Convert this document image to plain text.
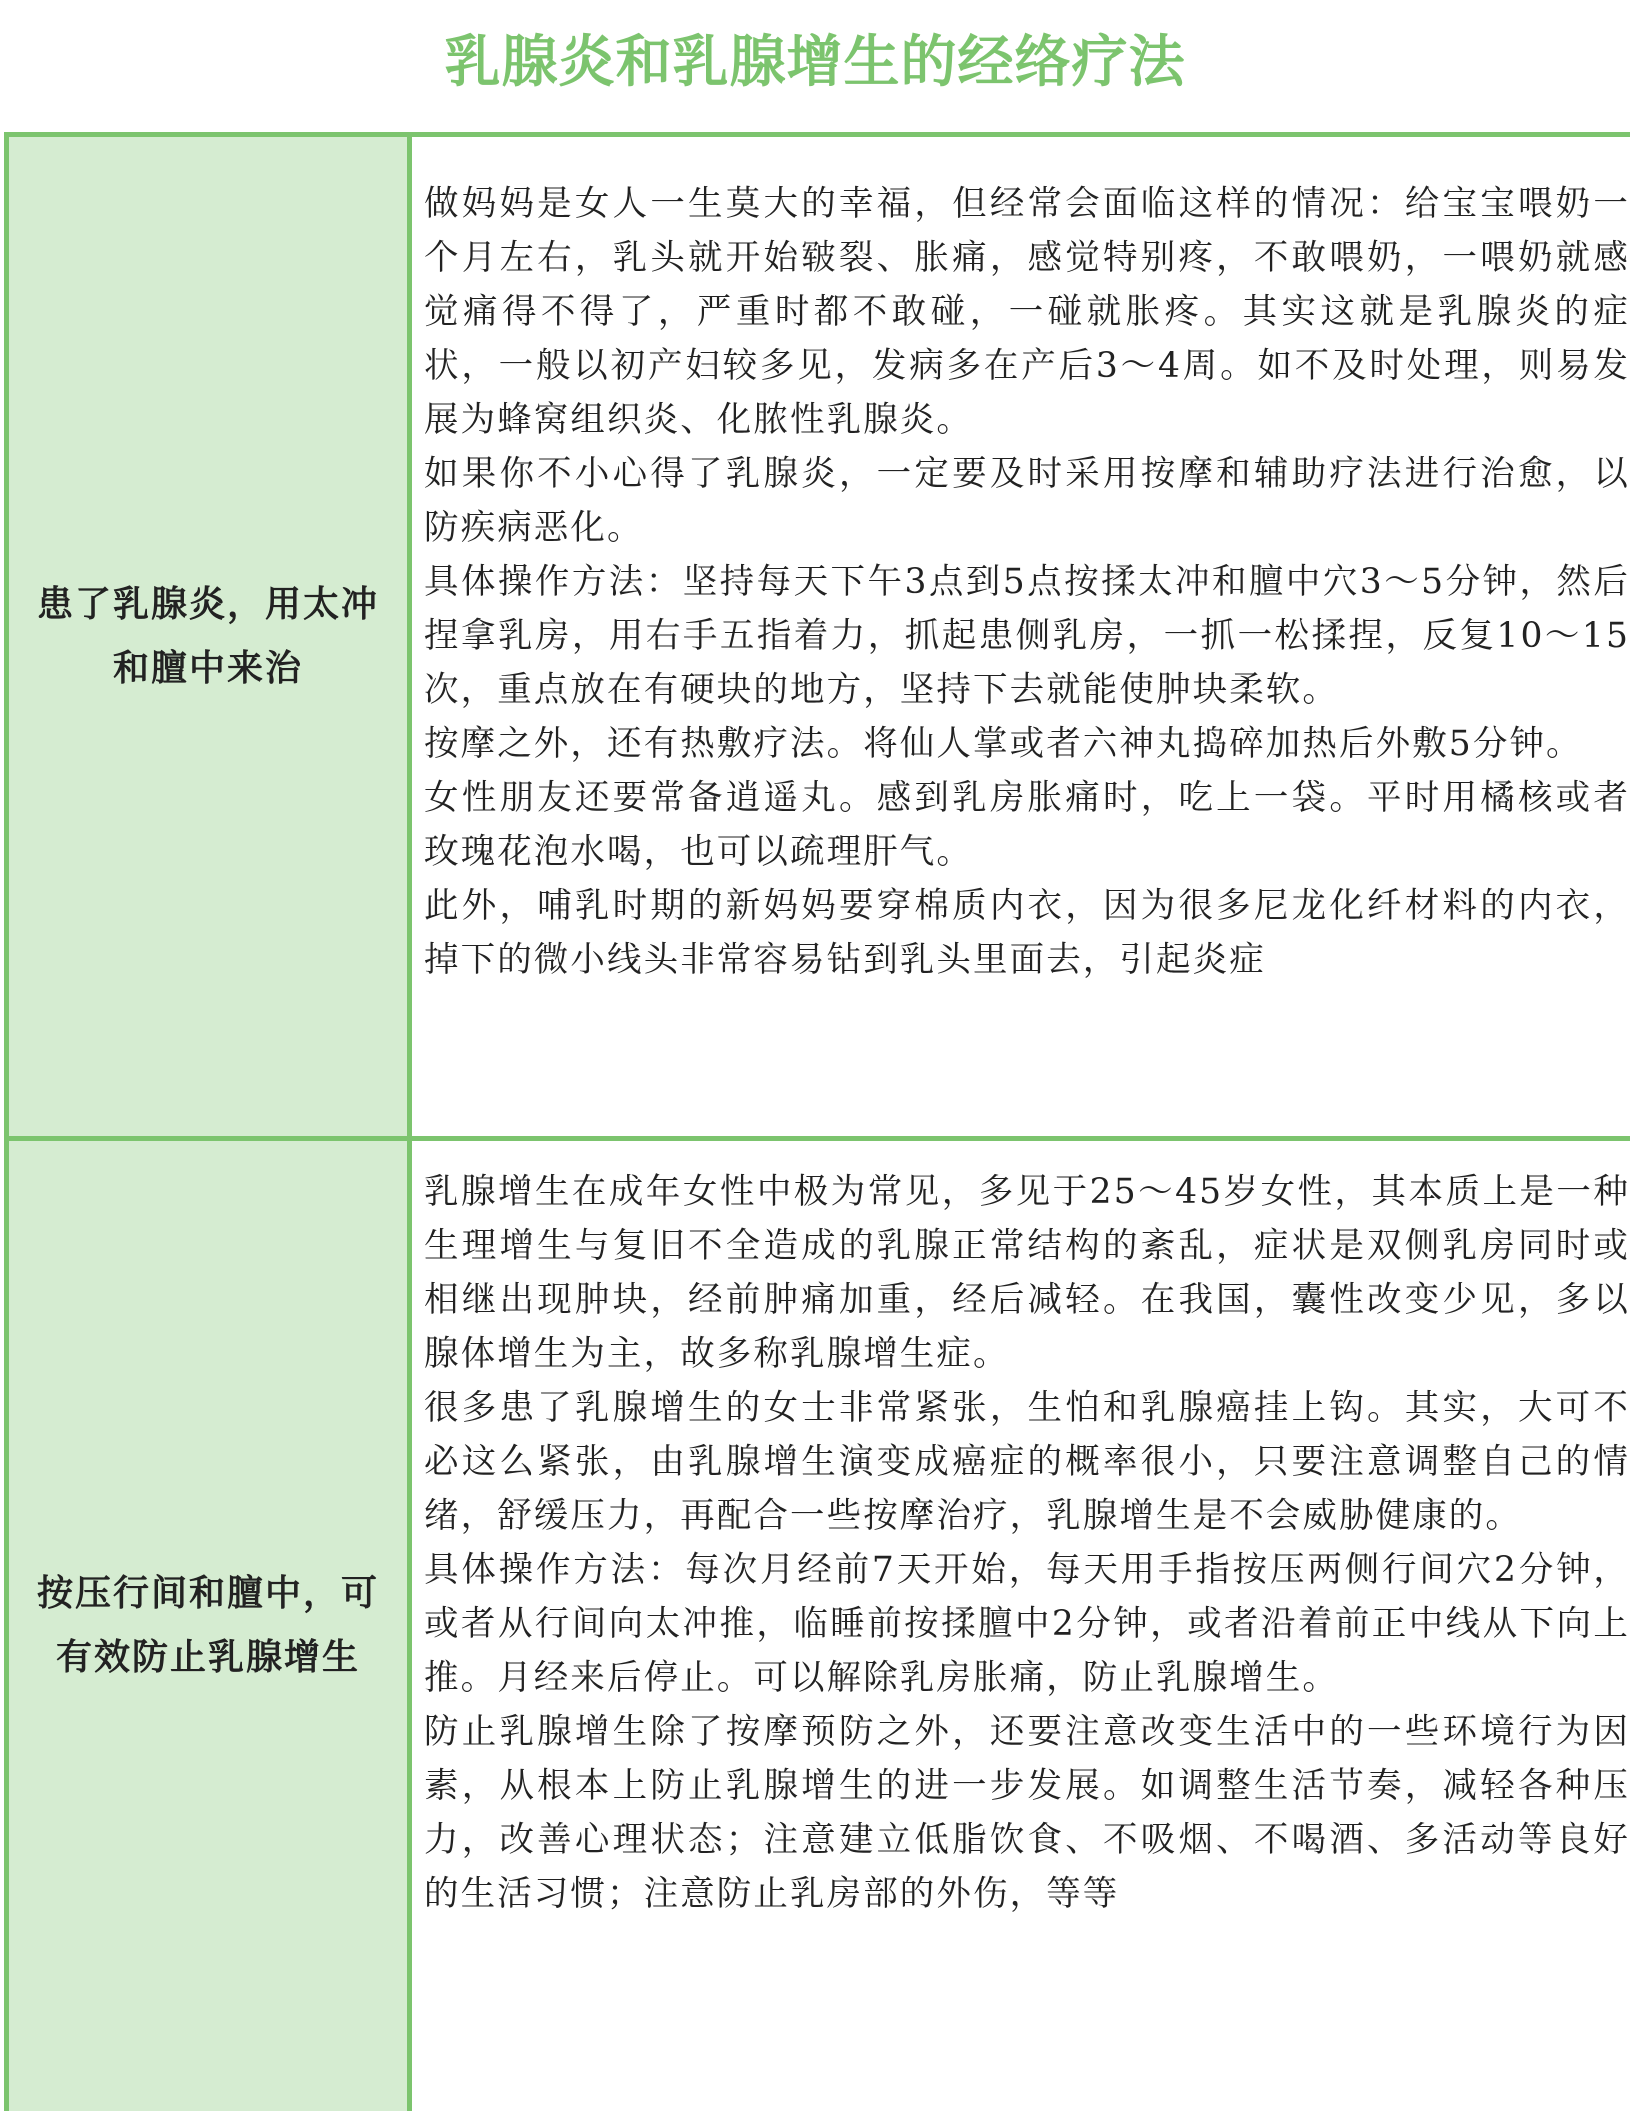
乳腺炎和乳腺增生的经络疗法
患了乳腺炎，用太冲和膻中来治

做妈妈是女人一生莫大的幸福，但经常会面临这样的情况：给宝宝喂奶一个月左右，乳头就开始皲裂、胀痛，感觉特别疼，不敢喂奶，一喂奶就感觉痛得不得了，严重时都不敢碰，一碰就胀疼。其实这就是乳腺炎的症状，一般以初产妇较多见，发病多在产后3～4周。如不及时处理，则易发展为蜂窝组织炎、化脓性乳腺炎。

如果你不小心得了乳腺炎，一定要及时采用按摩和辅助疗法进行治愈，以防疾病恶化。

具体操作方法：坚持每天下午3点到5点按揉太冲和膻中穴3～5分钟，然后捏拿乳房，用右手五指着力，抓起患侧乳房，一抓一松揉捏，反复10～15次，重点放在有硬块的地方，坚持下去就能使肿块柔软。

按摩之外，还有热敷疗法。将仙人掌或者六神丸捣碎加热后外敷5分钟。

女性朋友还要常备逍遥丸。感到乳房胀痛时，吃上一袋。平时用橘核或者玫瑰花泡水喝，也可以疏理肝气。

此外，哺乳时期的新妈妈要穿棉质内衣，因为很多尼龙化纤材料的内衣，掉下的微小线头非常容易钻到乳头里面去，引起炎症

按压行间和膻中，可有效防止乳腺增生

乳腺增生在成年女性中极为常见，多见于25～45岁女性，其本质上是一种生理增生与复旧不全造成的乳腺正常结构的紊乱，症状是双侧乳房同时或相继出现肿块，经前肿痛加重，经后减轻。在我国，囊性改变少见，多以腺体增生为主，故多称乳腺增生症。

很多患了乳腺增生的女士非常紧张，生怕和乳腺癌挂上钩。其实，大可不必这么紧张，由乳腺增生演变成癌症的概率很小，只要注意调整自己的情绪，舒缓压力，再配合一些按摩治疗，乳腺增生是不会威胁健康的。

具体操作方法：每次月经前7天开始，每天用手指按压两侧行间穴2分钟，或者从行间向太冲推，临睡前按揉膻中2分钟，或者沿着前正中线从下向上推。月经来后停止。可以解除乳房胀痛，防止乳腺增生。

防止乳腺增生除了按摩预防之外，还要注意改变生活中的一些环境行为因素，从根本上防止乳腺增生的进一步发展。如调整生活节奏，减轻各种压力，改善心理状态；注意建立低脂饮食、不吸烟、不喝酒、多活动等良好的生活习惯；注意防止乳房部的外伤，等等
